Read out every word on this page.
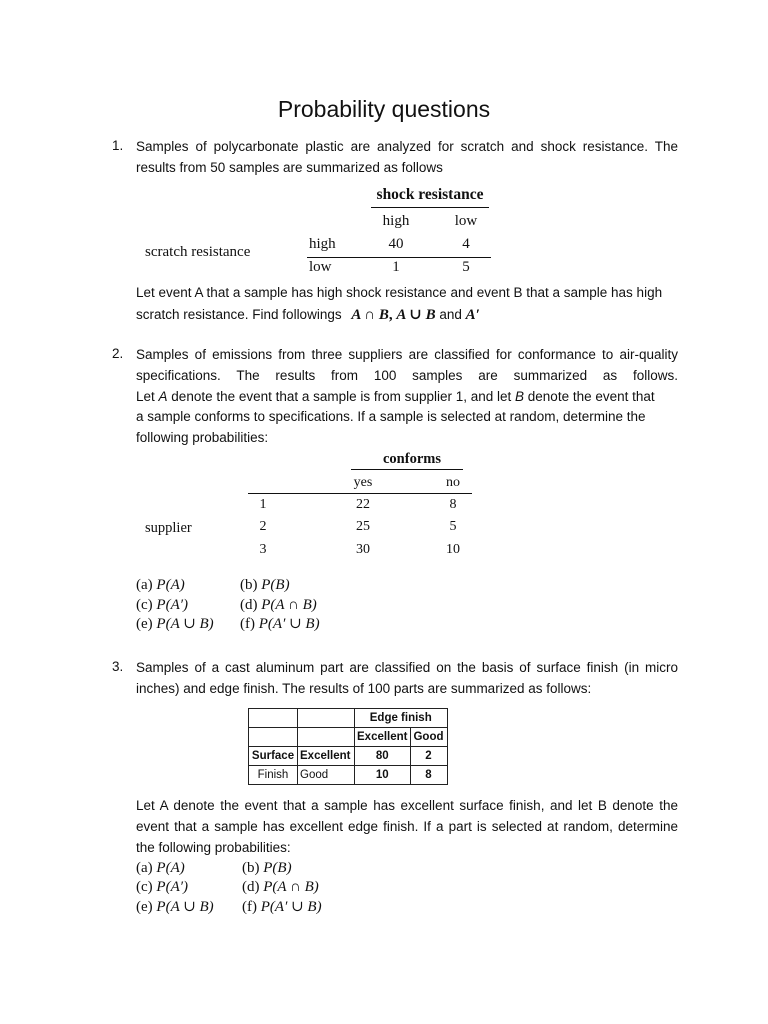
Probability questions
1. Samples of polycarbonate plastic are analyzed for scratch and shock resistance. The results from 50 samples are summarized as follows
shock resistance
high	low
scratch resistance	high	40	4
low	1	5
Let event A that a sample has high shock resistance and event B that a sample has high
scratch resistance. Find followings A ∩ B, A ∪ B and A′
2. Samples of emissions from three suppliers are classified for conformance to air-quality
specifications. The results from 100 samples are summarized as follows.
Let A denote the event that a sample is from supplier 1, and let B denote the event that
a sample conforms to specifications. If a sample is selected at random, determine the
following probabilities:
conforms
yes	no
supplier
1	22	8
2	25	5
3	30	10
(a) P(A)	(b) P(B)
(c) P(A′)	(d) P(A ∩ B)
(e) P(A ∪ B) (f) P(A′ ∪ B)
3. Samples of a cast aluminum part are classified on the basis of surface finish (in micro
inches) and edge finish. The results of 100 parts are summarized as follows:
		Edge finish	
		Excellent	Good
Surface	Excellent	80	2
Finish	Good	10	8
Let A denote the event that a sample has excellent surface finish, and let B denote the
event that a sample has excellent edge finish. If a part is selected at random, determine
the following probabilities:
(a) P(A)	(b) P(B)
(c) P(A′)	(d) P(A ∩ B)
(e) P(A ∪ B) (f) P(A′ ∪ B)
